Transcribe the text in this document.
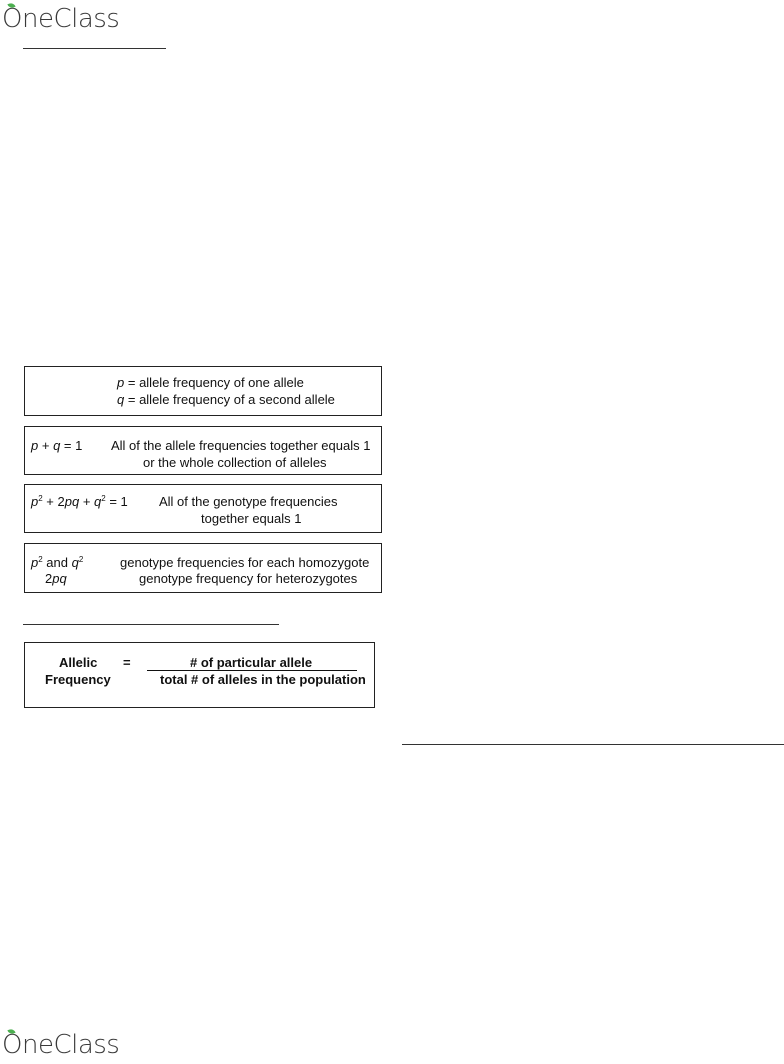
OneClass
p = allele frequency of one allele
q = allele frequency of a second allele
p + q = 1 All of the allele frequencies together equals 1
or the whole collection of alleles
$p^2 + 2pq + q^2 = 1$ All of the genotype frequencies
together equals 1
$p^2$ and $q^2$	genotype frequencies for each homozygote
2pq	genotype frequency for heterozygotes
Allelic
Frequency
=	# of particular allele
total # of alleles in the population
OneClass
